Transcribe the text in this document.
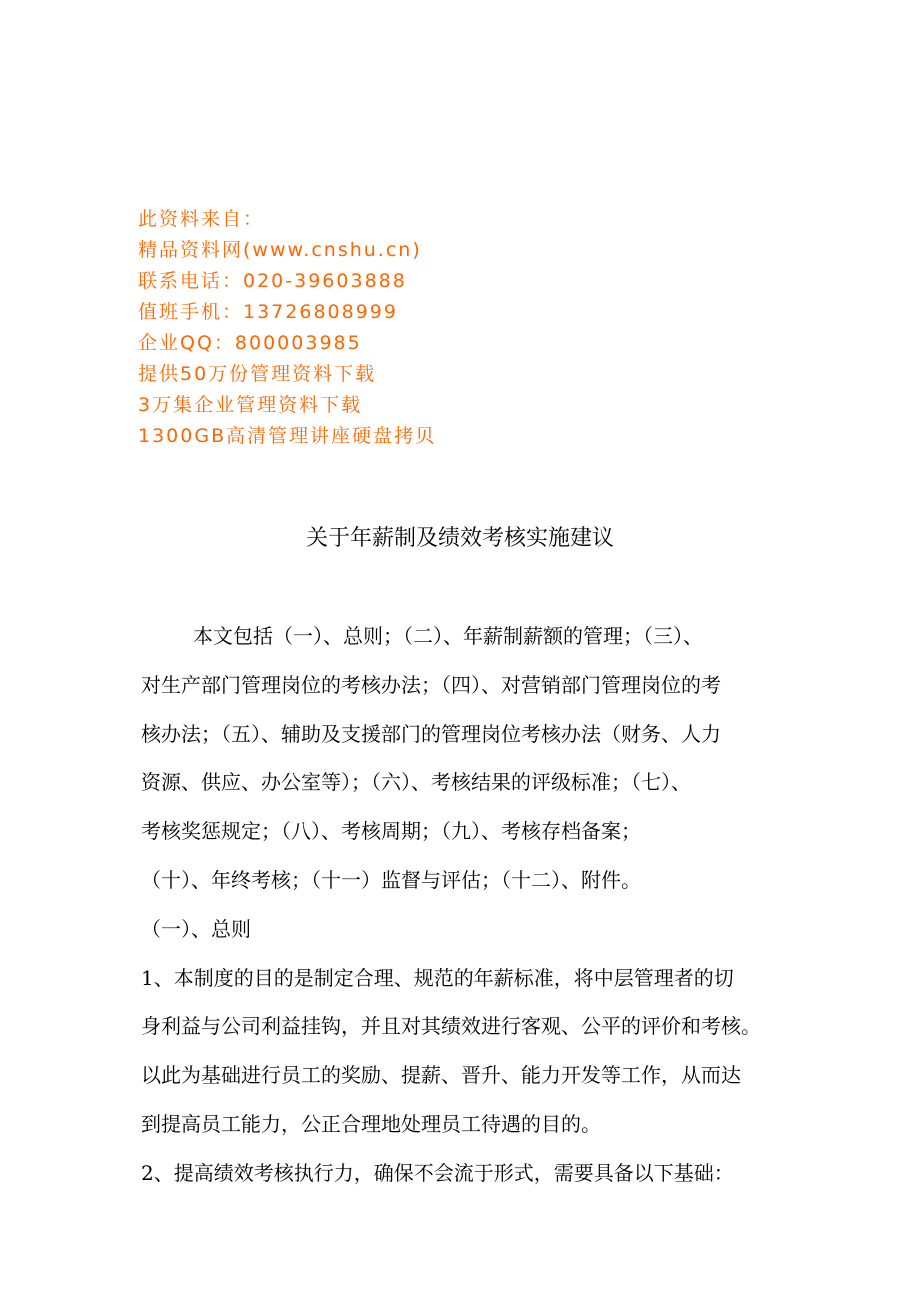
此资料来自：
精品资料网(www.cnshu.cn)
联系电话：020-39603888
值班手机：13726808999
企业QQ：800003985
提供50万份管理资料下载
3万集企业管理资料下载
1300GB高清管理讲座硬盘拷贝
关于年薪制及绩效考核实施建议
本文包括（一）、总则；（二）、年薪制薪额的管理；（三）、
对生产部门管理岗位的考核办法；（四）、对营销部门管理岗位的考
核办法；（五）、辅助及支援部门的管理岗位考核办法（财务、人力
资源、供应、办公室等）；（六）、考核结果的评级标准；（七）、
考核奖惩规定；（八）、考核周期；（九）、考核存档备案；
（十）、年终考核；（十一）监督与评估；（十二）、附件。
（一）、总则
1、本制度的目的是制定合理、规范的年薪标准，将中层管理者的切
身利益与公司利益挂钩，并且对其绩效进行客观、公平的评价和考核。
以此为基础进行员工的奖励、提薪、晋升、能力开发等工作，从而达
到提高员工能力，公正合理地处理员工待遇的目的。
2、提高绩效考核执行力，确保不会流于形式，需要具备以下基础：
